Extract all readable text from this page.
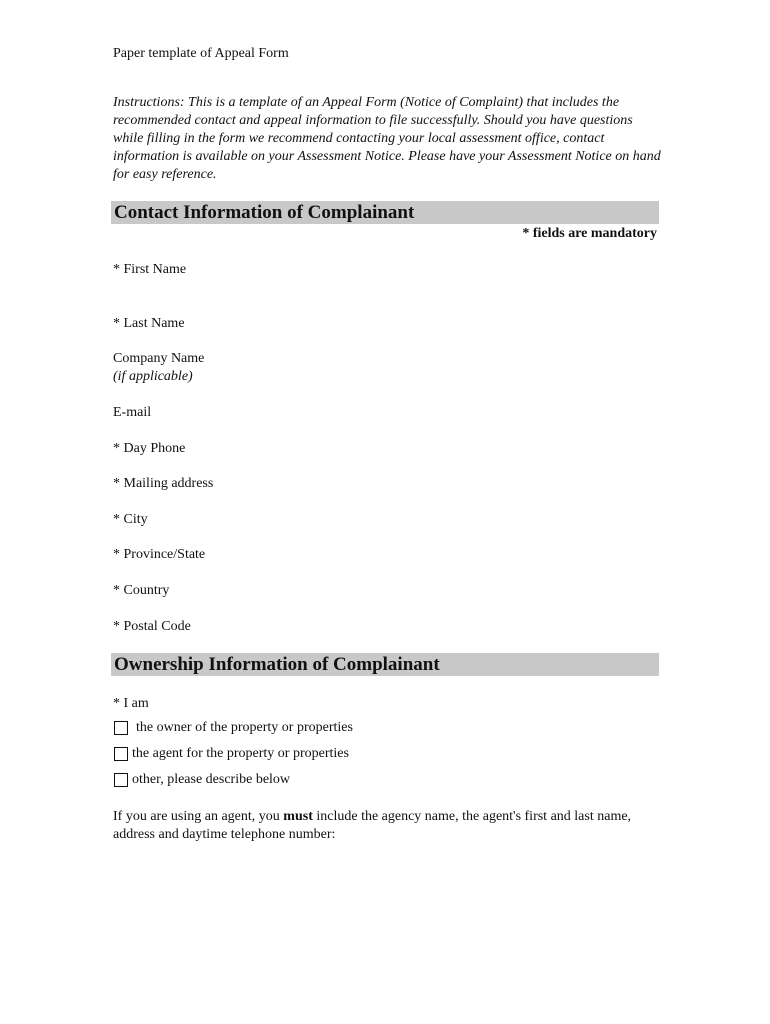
Paper template of Appeal Form
Instructions: This is a template of an Appeal Form (Notice of Complaint) that includes the recommended contact and appeal information to file successfully. Should you have questions while filling in the form we recommend contacting your local assessment office, contact information is available on your Assessment Notice. Please have your Assessment Notice on hand for easy reference.
Contact Information of Complainant
* fields are mandatory
* First Name
* Last Name
Company Name
(if applicable)
E-mail
* Day Phone
* Mailing address
* City
* Province/State
* Country
* Postal Code
Ownership Information of Complainant
* I am
the owner of the property or properties
the agent for the property or properties
other, please describe below
If you are using an agent, you must include the agency name, the agent's first and last name, address and daytime telephone number:
